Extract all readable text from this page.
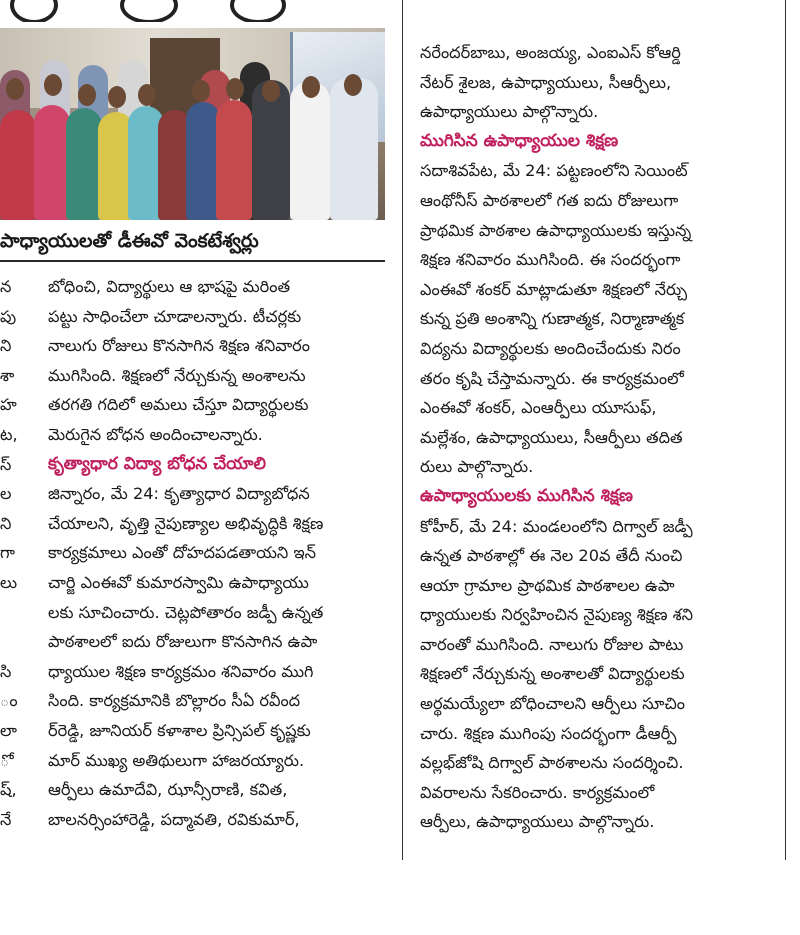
పాధ్యాయులతో డీఈవో వెంకటేశ్వర్లు
న
పు
ని
శా
హ
ట,
స్
ల
ని
గా
లు
సి
ం
లా
ో
ష్,
నే
బోధించి, విద్యార్థులు ఆ భాషపై మరింత
పట్టు సాధించేలా చూడాలన్నారు. టీచర్లకు
నాలుగు రోజులు కొనసాగిన శిక్షణ శనివారం
ముగిసింది. శిక్షణలో నేర్చుకున్న అంశాలను
తరగతి గదిలో అమలు చేస్తూ విద్యార్థులకు
మెరుగైన బోధన అందించాలన్నారు.
కృత్యాధార విద్యా బోధన చేయాలి
జిన్నారం, మే 24: కృత్యాధార విద్యాబోధన
చేయాలని, వృత్తి నైపుణ్యాల అభివృద్ధికి శిక్షణ
కార్యక్రమాలు ఎంతో దోహదపడతాయని ఇన్
చార్జి ఎంఈవో కుమారస్వామి ఉపాధ్యాయు
లకు సూచించారు. చెట్లపోతారం జడ్పీ ఉన్నత
పాఠశాలలో ఐదు రోజులుగా కొనసాగిన ఉపా
ధ్యాయుల శిక్షణ కార్యక్రమం శనివారం ముగి
సింది. కార్యక్రమానికి బొల్లారం సీఏ రవీంద
ర్‌రెడ్డి, జూనియర్ కళాశాల ప్రిన్సిపల్ కృష్ణకు
మార్ ముఖ్య అతిథులుగా హాజరయ్యారు.
ఆర్పీలు ఉమాదేవి, ఝాన్సీరాణి, కవిత,
బాలనర్సింహారెడ్డి, పద్మావతి, రవికుమార్,
నరేందర్‌బాబు, అంజయ్య, ఎంఐఎస్ కోఆర్డి
నేటర్ శైలజ, ఉపాధ్యాయులు, సీఆర్పీలు,
ఉపాధ్యాయులు పాల్గొన్నారు.
ముగిసిన ఉపాధ్యాయుల శిక్షణ
సదాశివపేట, మే 24: పట్టణంలోని సెయింట్
ఆంథోనీస్ పాఠశాలలో గత ఐదు రోజులుగా
ప్రాథమిక పాఠశాల ఉపాధ్యాయులకు ఇస్తున్న
శిక్షణ శనివారం ముగిసింది. ఈ సందర్భంగా
ఎంఈవో శంకర్ మాట్లాడుతూ శిక్షణలో నేర్చు
కున్న ప్రతి అంశాన్ని గుణాత్మక, నిర్మాణాత్మక
విద్యను విద్యార్థులకు అందించేందుకు నిరం
తరం కృషి చేస్తామన్నారు. ఈ కార్యక్రమంలో
ఎంఈవో శంకర్, ఎంఆర్పీలు యూసుఫ్,
మల్లేశం, ఉపాధ్యాయులు, సీఆర్పీలు తదిత
రులు పాల్గొన్నారు.
ఉపాధ్యాయులకు ముగిసిన శిక్షణ
కోహీర్, మే 24: మండలంలోని దిగ్వాల్ జడ్పీ
ఉన్నత పాఠశాల్లో ఈ నెల 20వ తేదీ నుంచి
ఆయా గ్రామాల ప్రాథమిక పాఠశాలల ఉపా
ధ్యాయులకు నిర్వహించిన నైపుణ్య శిక్షణ శని
వారంతో ముగిసింది. నాలుగు రోజుల పాటు
శిక్షణలో నేర్చుకున్న అంశాలతో విద్యార్థులకు
అర్థమయ్యేలా బోధించాలని ఆర్పీలు సూచిం
చారు. శిక్షణ ముగింపు సందర్భంగా డీఆర్పీ
వల్లభ్‌జోషి దిగ్వాల్ పాఠశాలను సందర్శించి.
వివరాలను సేకరించారు. కార్యక్రమంలో
ఆర్పీలు, ఉపాధ్యాయులు పాల్గొన్నారు.
